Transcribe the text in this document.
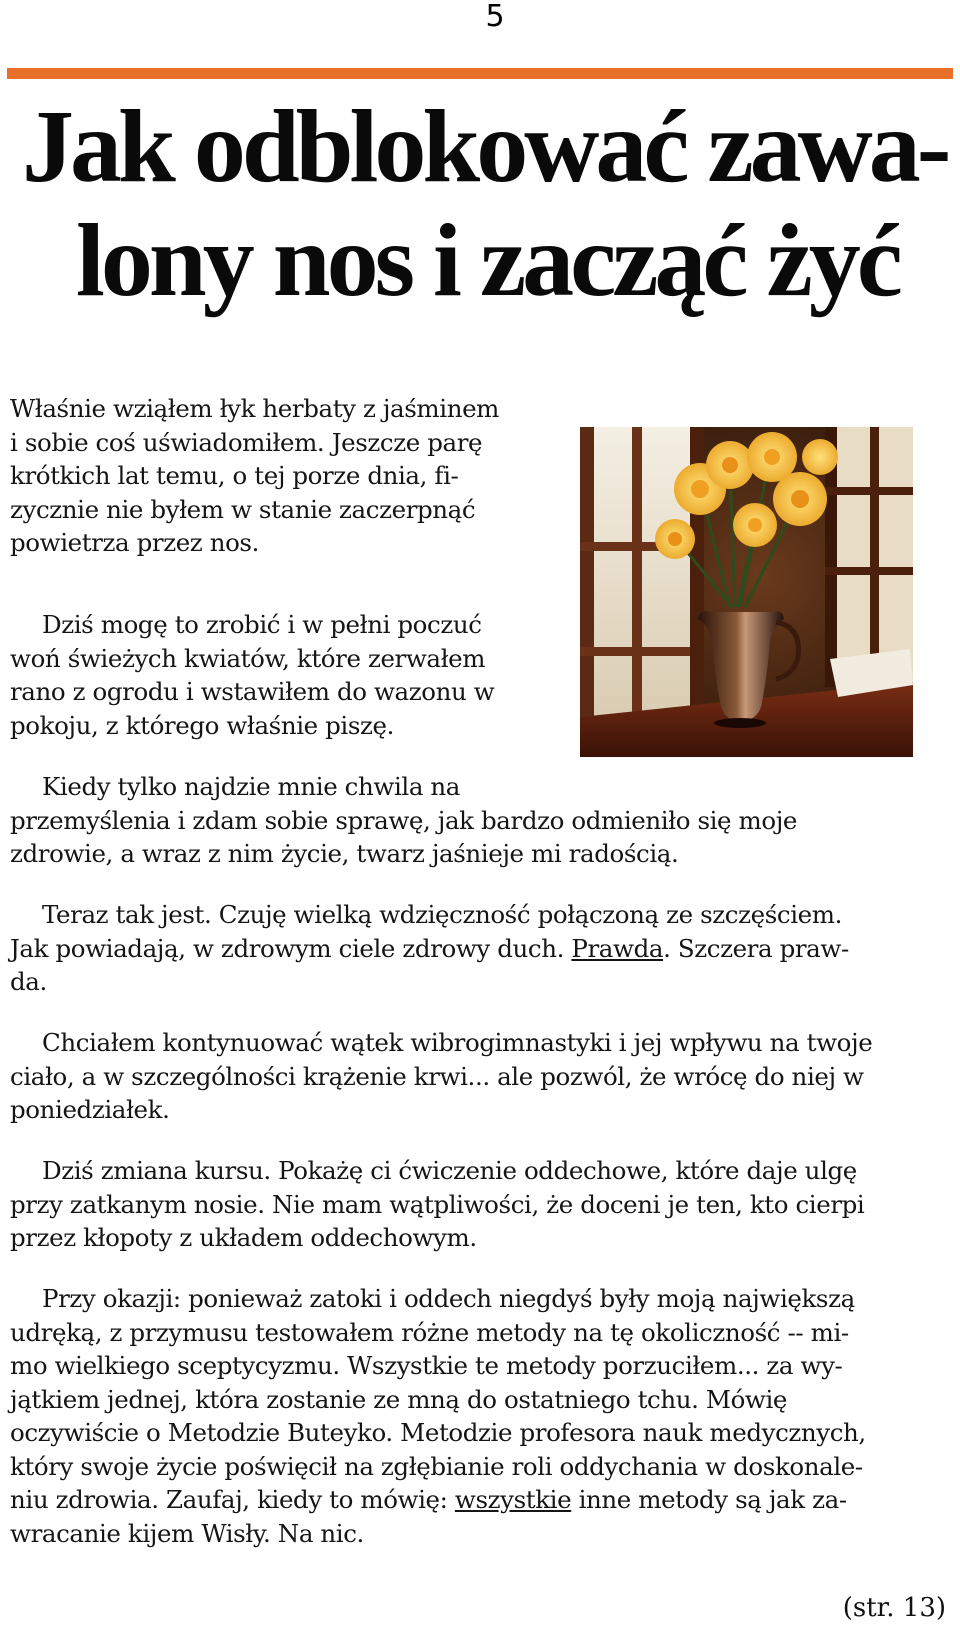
5
Jak odblokować zawa-
lony nos i zacząć żyć
Właśnie wziąłem łyk herbaty z jaśminem
i sobie coś uświadomiłem. Jeszcze parę
krótkich lat temu, o tej porze dnia, fi-
zycznie nie byłem w stanie zaczerpnąć
powietrza przez nos.
Dziś mogę to zrobić i w pełni poczuć
woń świeżych kwiatów, które zerwałem
rano z ogrodu i wstawiłem do wazonu w
pokoju, z którego właśnie piszę.
Kiedy tylko najdzie mnie chwila na
przemyślenia i zdam sobie sprawę, jak bardzo odmieniło się moje
zdrowie, a wraz z nim życie, twarz jaśnieje mi radością.
Teraz tak jest. Czuję wielką wdzięczność połączoną ze szczęściem.
Jak powiadają, w zdrowym ciele zdrowy duch. Prawda. Szczera praw-
da.
Chciałem kontynuować wątek wibrogimnastyki i jej wpływu na twoje
ciało, a w szczególności krążenie krwi... ale pozwól, że wrócę do niej w
poniedziałek.
Dziś zmiana kursu. Pokażę ci ćwiczenie oddechowe, które daje ulgę
przy zatkanym nosie. Nie mam wątpliwości, że doceni je ten, kto cierpi
przez kłopoty z układem oddechowym.
Przy okazji: ponieważ zatoki i oddech niegdyś były moją największą
udręką, z przymusu testowałem różne metody na tę okoliczność -- mi-
mo wielkiego sceptycyzmu. Wszystkie te metody porzuciłem... za wy-
jątkiem jednej, która zostanie ze mną do ostatniego tchu. Mówię
oczywiście o Metodzie Buteyko. Metodzie profesora nauk medycznych,
który swoje życie poświęcił na zgłębianie roli oddychania w doskonale-
niu zdrowia. Zaufaj, kiedy to mówię: wszystkie inne metody są jak za-
wracanie kijem Wisły. Na nic.
(str. 13)
